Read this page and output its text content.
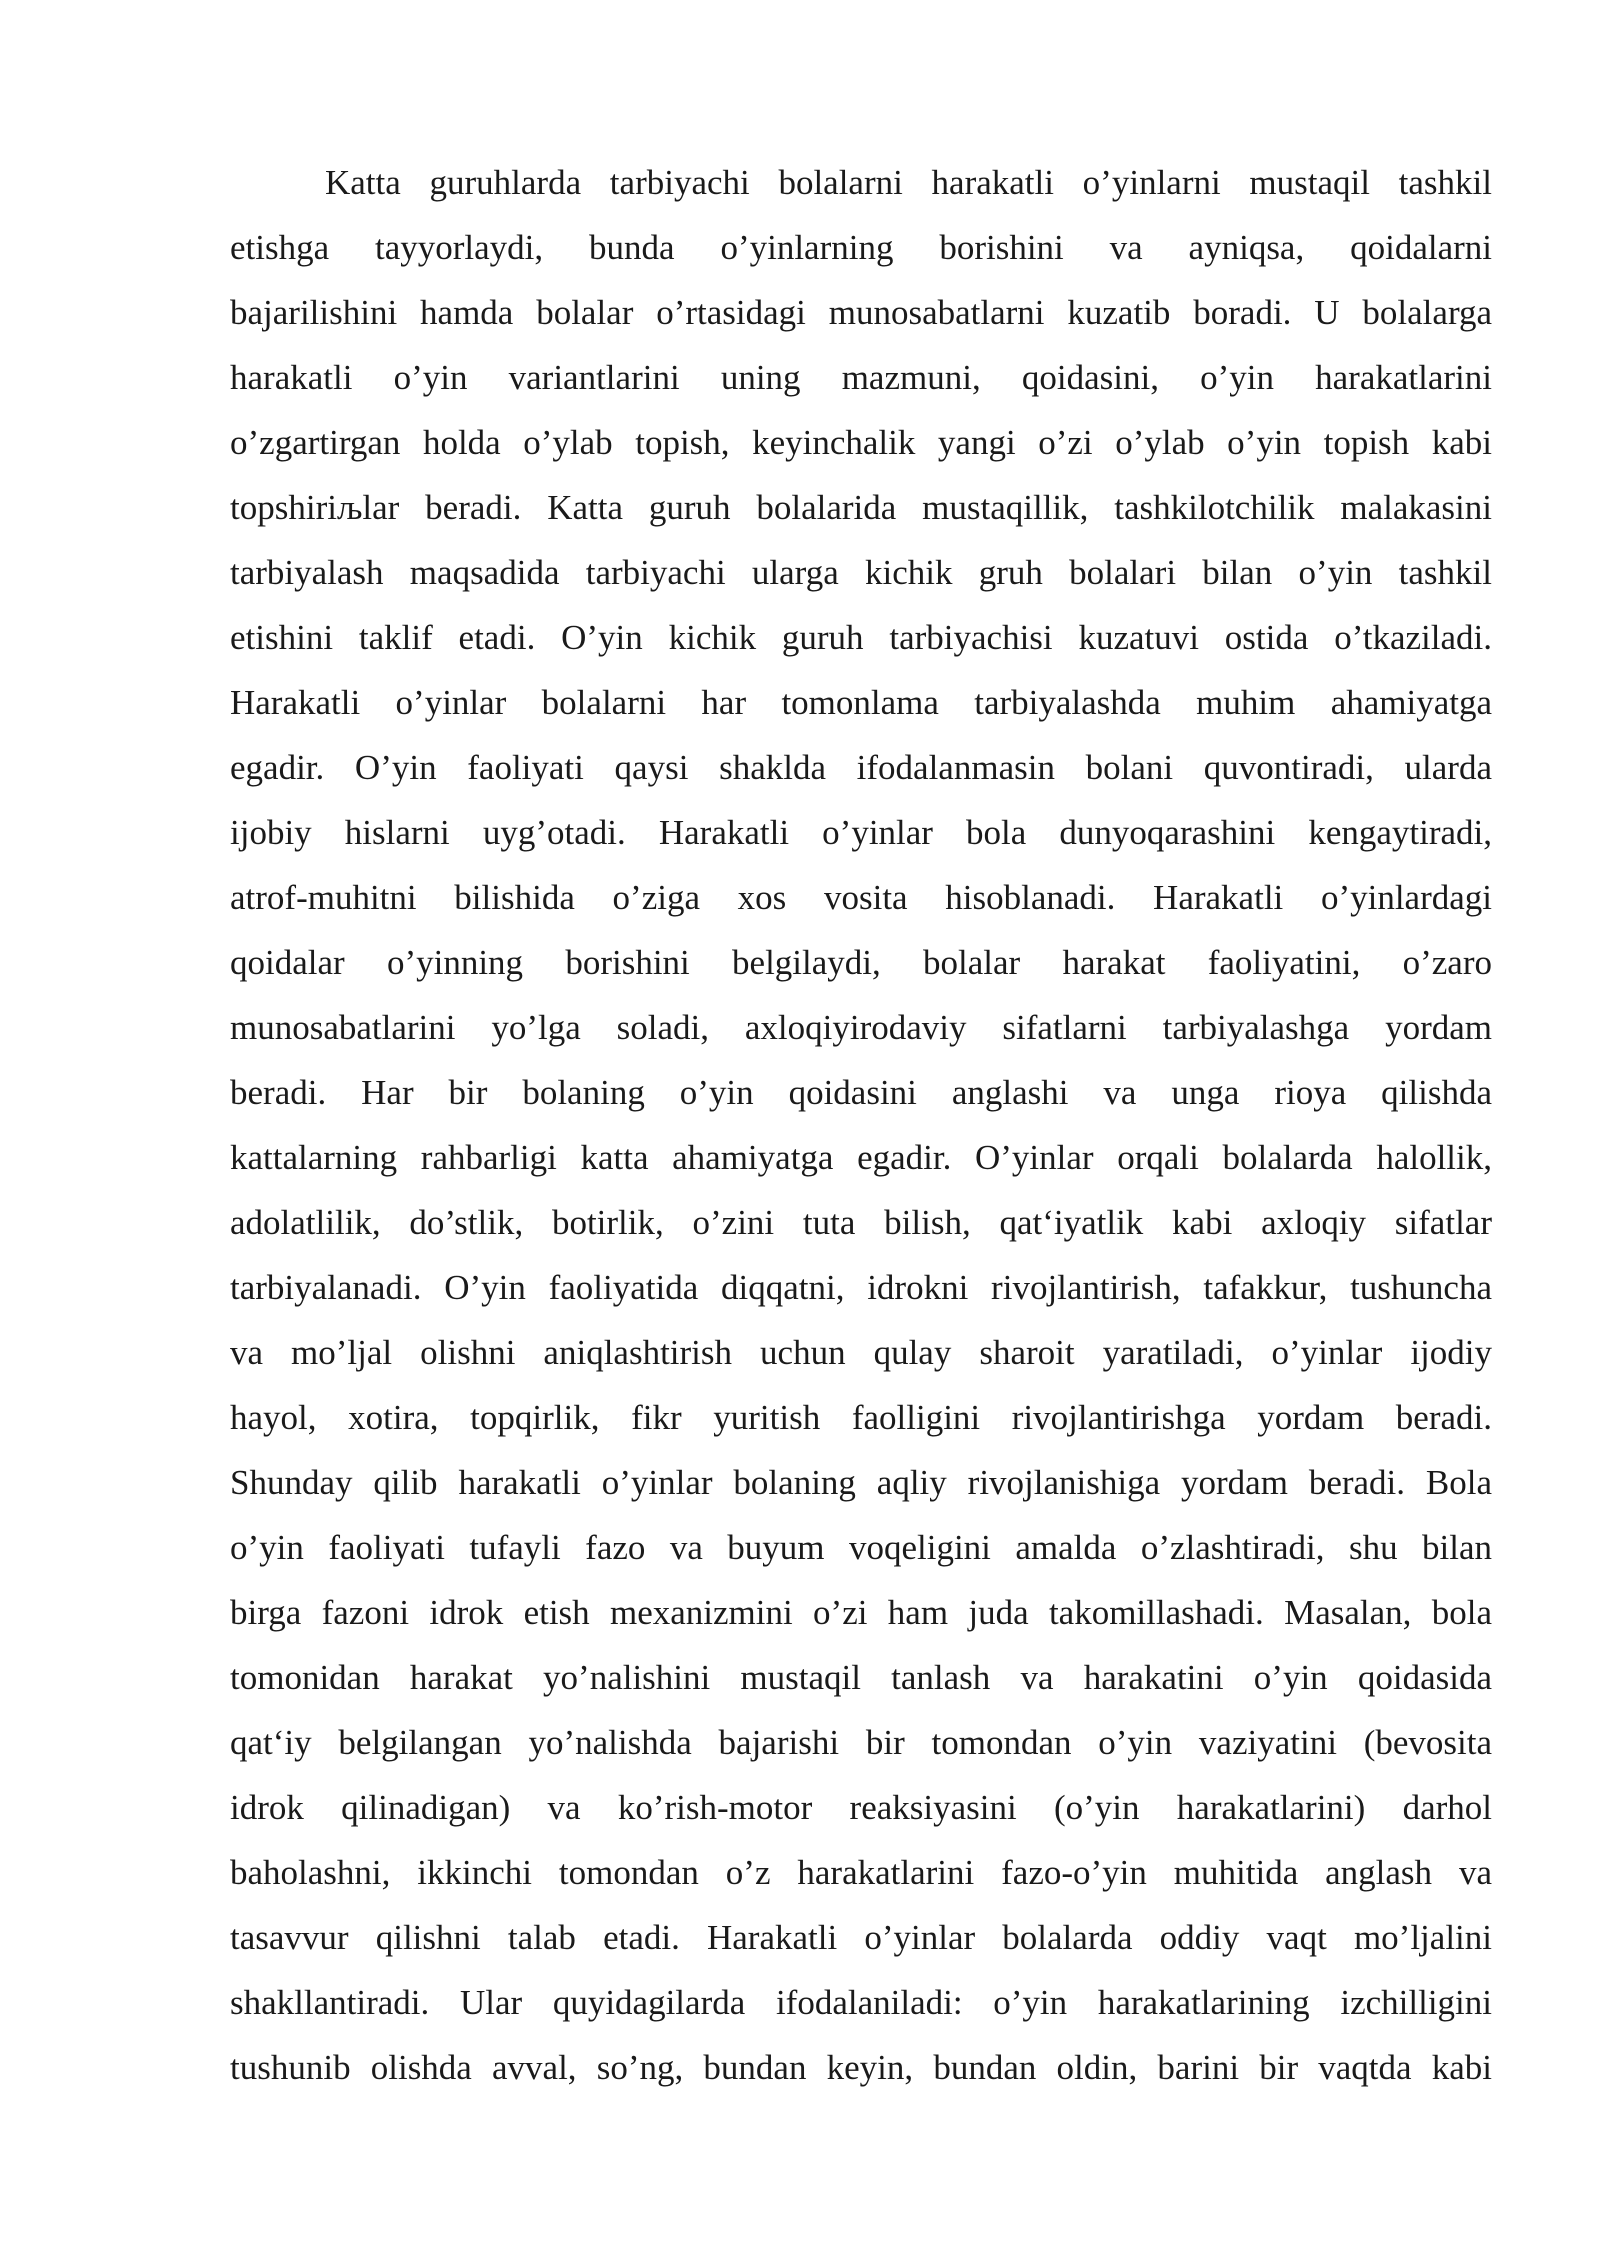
Katta guruhlarda tarbiyachi bolalarni harakatli o’yinlarni mustaqil tashkil
etishga tayyorlaydi, bunda o’yinlarning borishini va ayniqsa, qoidalarni
bajarilishini hamda bolalar o’rtasidagi munosabatlarni kuzatib boradi. U bolalarga
harakatli o’yin variantlarini uning mazmuni, qoidasini, o’yin harakatlarini
o’zgartirgan holda o’ylab topish, keyinchalik yangi o’zi o’ylab o’yin topish kabi
topshiriљlar beradi. Katta guruh bolalarida mustaqillik, tashkilotchilik malakasini
tarbiyalash maqsadida tarbiyachi ularga kichik gruh bolalari bilan o’yin tashkil
etishini taklif etadi. O’yin kichik guruh tarbiyachisi kuzatuvi ostida o’tkaziladi.
Harakatli o’yinlar bolalarni har tomonlama tarbiyalashda muhim ahamiyatga
egadir. O’yin faoliyati qaysi shaklda ifodalanmasin bolani quvontiradi, ularda
ijobiy hislarni uyg’otadi. Harakatli o’yinlar bola dunyoqarashini kengaytiradi,
atrof-muhitni bilishida o’ziga xos vosita hisoblanadi. Harakatli o’yinlardagi
qoidalar o’yinning borishini belgilaydi, bolalar harakat faoliyatini, o’zaro
munosabatlarini yo’lga soladi, axloqiyirodaviy sifatlarni tarbiyalashga yordam
beradi. Har bir bolaning o’yin qoidasini anglashi va unga rioya qilishda
kattalarning rahbarligi katta ahamiyatga egadir. O’yinlar orqali bolalarda halollik,
adolatlilik, do’stlik, botirlik, o’zini tuta bilish, qat‘iyatlik kabi axloqiy sifatlar
tarbiyalanadi. O’yin faoliyatida diqqatni, idrokni rivojlantirish, tafakkur, tushuncha
va mo’ljal olishni aniqlashtirish uchun qulay sharoit yaratiladi, o’yinlar ijodiy
hayol, xotira, topqirlik, fikr yuritish faolligini rivojlantirishga yordam beradi.
Shunday qilib harakatli o’yinlar bolaning aqliy rivojlanishiga yordam beradi. Bola
o’yin faoliyati tufayli fazo va buyum voqeligini amalda o’zlashtiradi, shu bilan
birga fazoni idrok etish mexanizmini o’zi ham juda takomillashadi. Masalan, bola
tomonidan harakat yo’nalishini mustaqil tanlash va harakatini o’yin qoidasida
qat‘iy belgilangan yo’nalishda bajarishi bir tomondan o’yin vaziyatini (bevosita
idrok qilinadigan) va ko’rish-motor reaksiyasini (o’yin harakatlarini) darhol
baholashni, ikkinchi tomondan o’z harakatlarini fazo-o’yin muhitida anglash va
tasavvur qilishni talab etadi. Harakatli o’yinlar bolalarda oddiy vaqt mo’ljalini
shakllantiradi. Ular quyidagilarda ifodalaniladi: o’yin harakatlarining izchilligini
tushunib olishda avval, so’ng, bundan keyin, bundan oldin, barini bir vaqtda kabi
